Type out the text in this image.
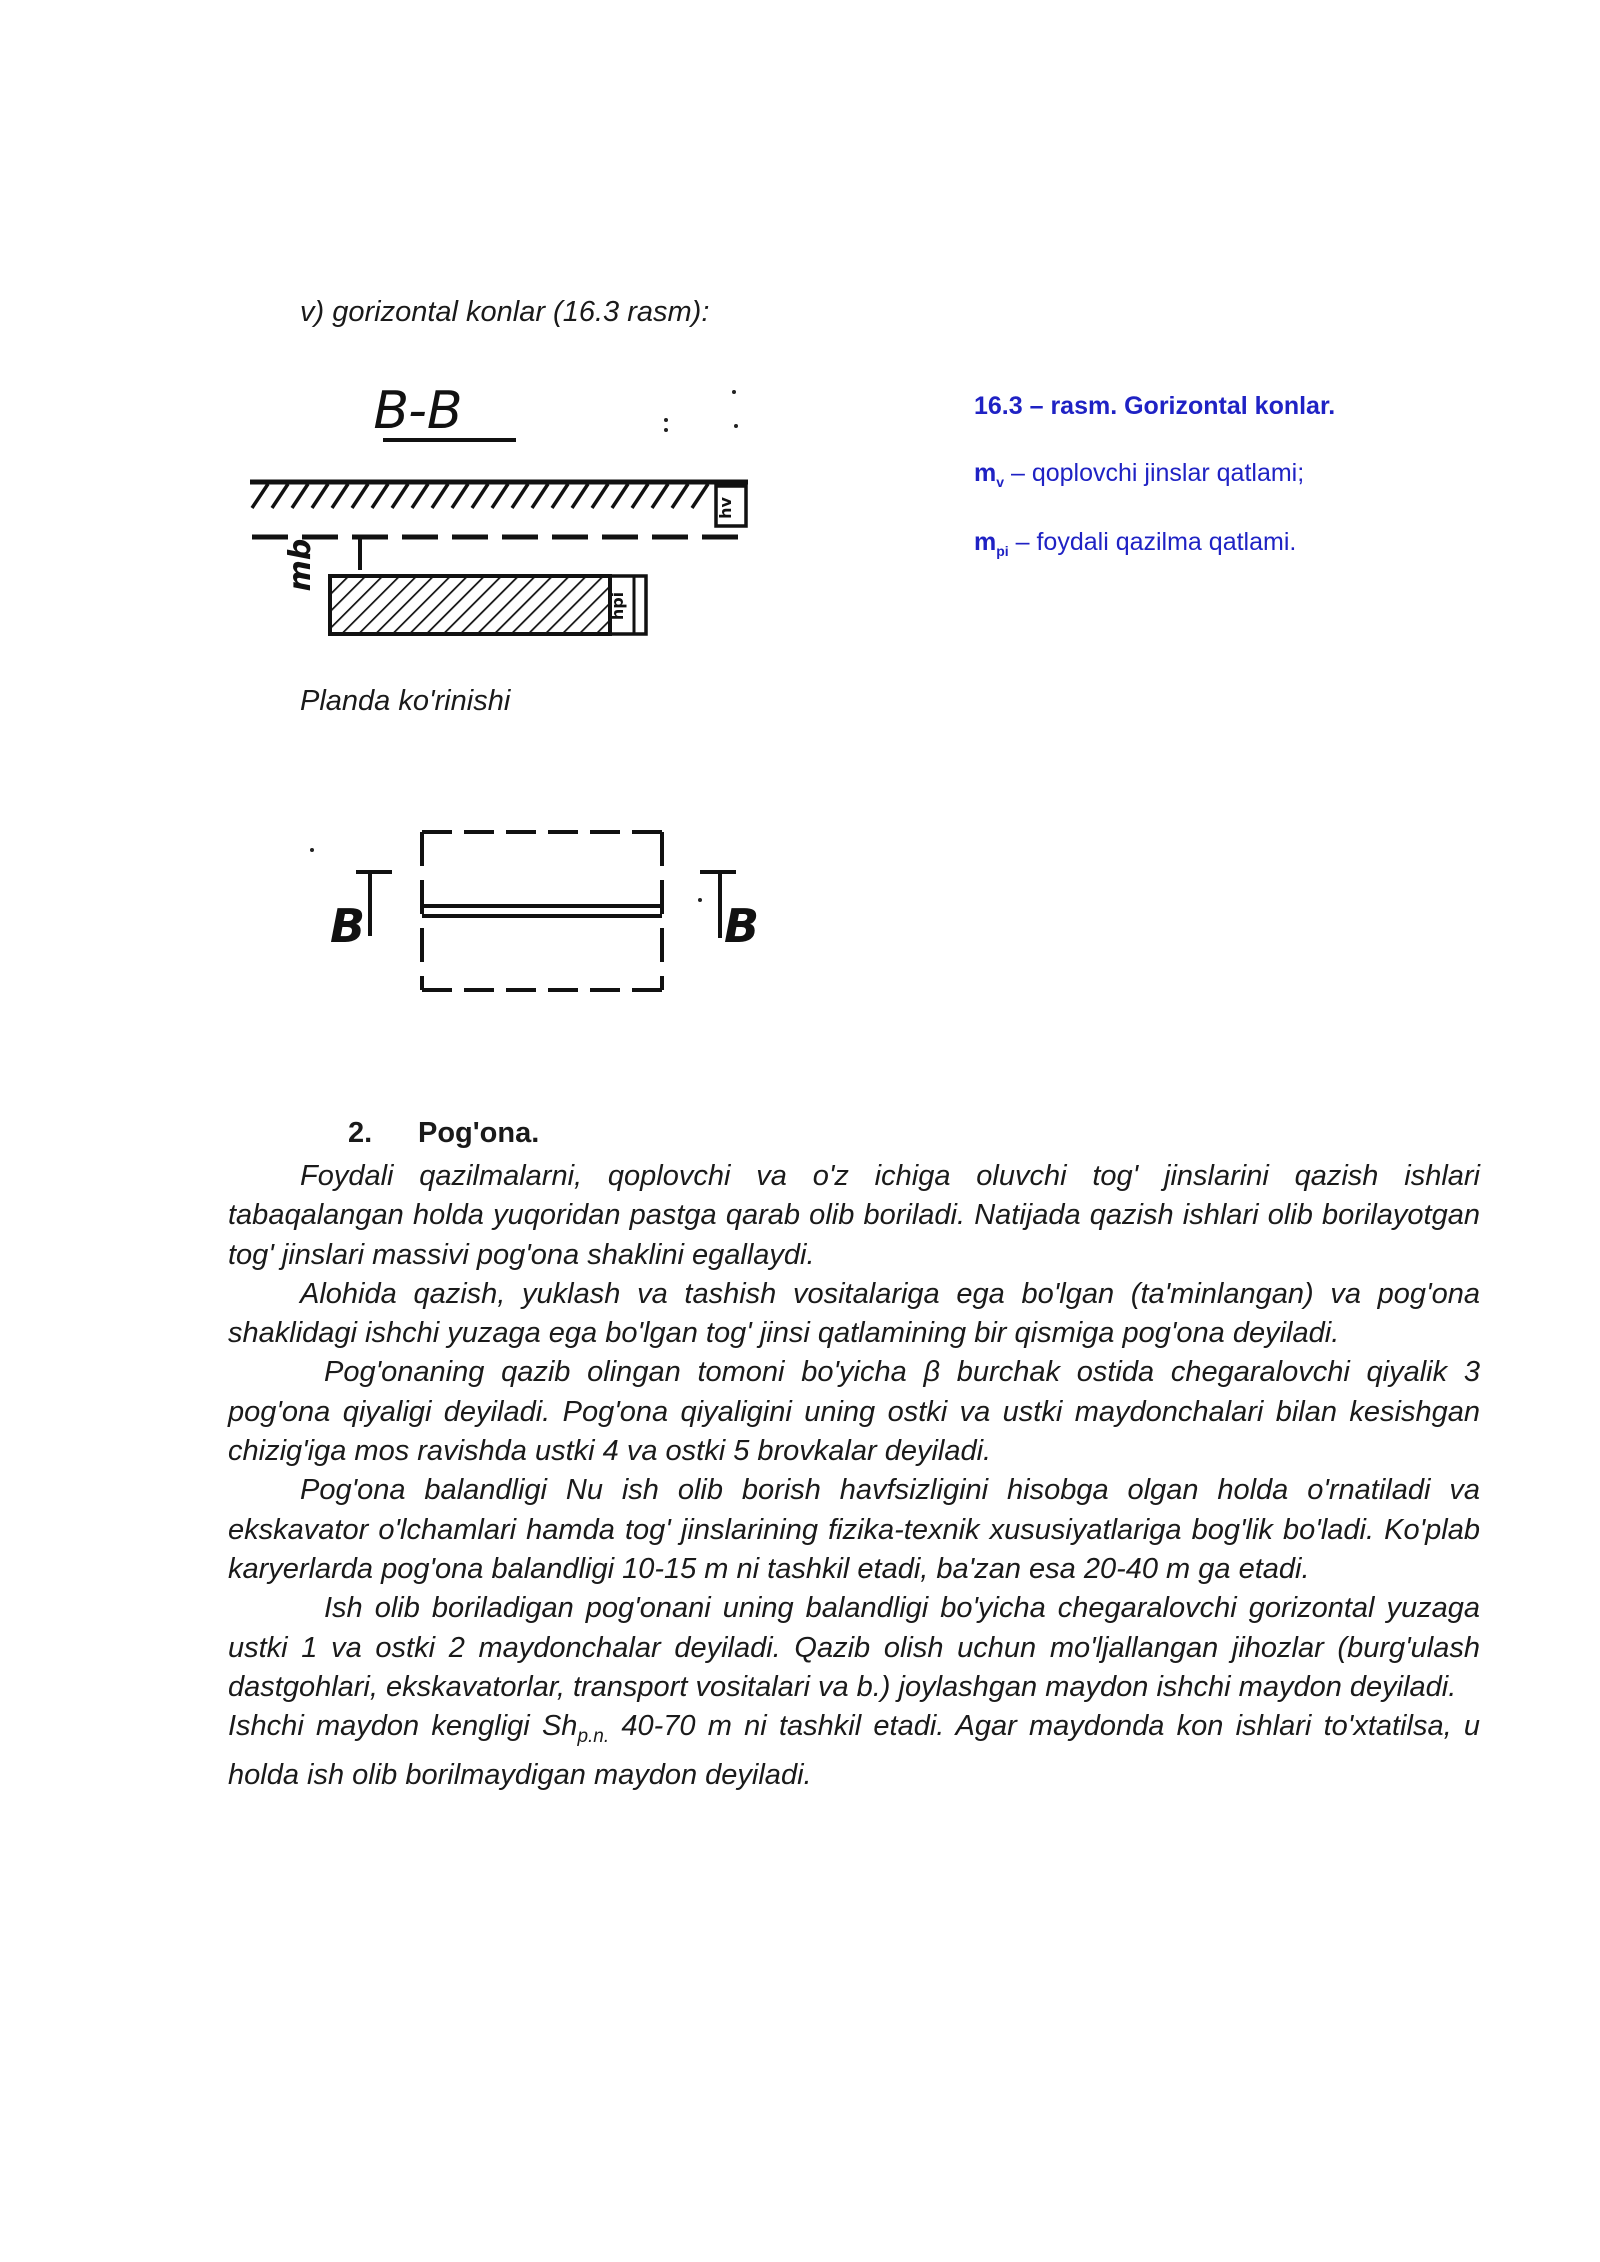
v) gorizontal konlar (16.3 rasm):
B-B
hv
mb
hpi
16.3 – rasm. Gorizontal konlar.
$m_v$ – qoplovchi jinslar qatlami;
$m_{pi}$ – foydali qazilma qatlami.
Planda ko'rinishi
B	B
2. Pog'ona.

Foydali qazilmalarni, qoplovchi va o'z ichiga oluvchi tog' jinslarini qazish ishlari tabaqalangan holda yuqoridan pastga qarab olib boriladi. Natijada qazish ishlari olib borilayotgan tog' jinslari massivi pog'ona shaklini egallaydi.

Alohida qazish, yuklash va tashish vositalariga ega bo'lgan (ta'minlangan) va pog'ona shaklidagi ishchi yuzaga ega bo'lgan tog' jinsi qatlamining bir qismiga pog'ona deyiladi.

Pog'onaning qazib olingan tomoni bo'yicha β burchak ostida chegaralovchi qiyalik 3 pog'ona qiyaligi deyiladi. Pog'ona qiyaligini uning ostki va ustki maydonchalari bilan kesishgan chizig'iga mos ravishda ustki 4 va ostki 5 brovkalar deyiladi.

Pog'ona balandligi Nu ish olib borish havfsizligini hisobga olgan holda o'rnatiladi va ekskavator o'lchamlari hamda tog' jinslarining fizika-texnik xususiyatlariga bog'lik bo'ladi. Ko'plab karyerlarda pog'ona balandligi 10-15 m ni tashkil etadi, ba'zan esa 20-40 m ga etadi.

Ish olib boriladigan pog'onani uning balandligi bo'yicha chegaralovchi gorizontal yuzaga ustki 1 va ostki 2 maydonchalar deyiladi. Qazib olish uchun mo'ljallangan jihozlar (burg'ulash dastgohlari, ekskavatorlar, transport vositalari va b.) joylashgan maydon ishchi maydon deyiladi.

Ishchi maydon kengligi $Sh_{p.n.}$ 40-70 m ni tashkil etadi. Agar maydonda kon ishlari to'xtatilsa, u holda ish olib borilmaydigan maydon deyiladi.
